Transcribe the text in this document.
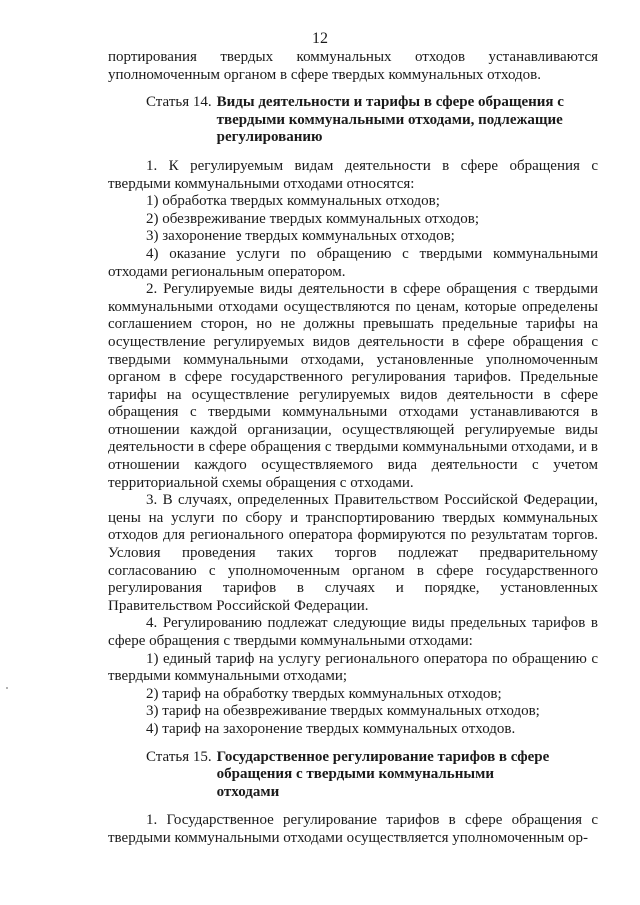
12

портирования твердых коммунальных отходов устанавливаются уполномоченным органом в сфере твердых коммунальных отходов.

Статья 14. Виды деятельности и тарифы в сфере обращения с твердыми коммунальными отходами, подлежащие регулированию

1. К регулируемым видам деятельности в сфере обращения с твердыми коммунальными отходами относятся:

1) обработка твердых коммунальных отходов;

2) обезвреживание твердых коммунальных отходов;

3) захоронение твердых коммунальных отходов;

4) оказание услуги по обращению с твердыми коммунальными отходами региональным оператором.

2. Регулируемые виды деятельности в сфере обращения с твердыми коммунальными отходами осуществляются по ценам, которые определены соглашением сторон, но не должны превышать предельные тарифы на осуществление регулируемых видов деятельности в сфере обращения с твердыми коммунальными отходами, установленные уполномоченным органом в сфере государственного регулирования тарифов. Предельные тарифы на осуществление регулируемых видов деятельности в сфере обращения с твердыми коммунальными отходами устанавливаются в отношении каждой организации, осуществляющей регулируемые виды деятельности в сфере обращения с твердыми коммунальными отходами, и в отношении каждого осуществляемого вида деятельности с учетом территориальной схемы обращения с отходами.

3. В случаях, определенных Правительством Российской Федерации, цены на услуги по сбору и транспортированию твердых коммунальных отходов для регионального оператора формируются по результатам торгов. Условия проведения таких торгов подлежат предварительному согласованию с уполномоченным органом в сфере государственного регулирования тарифов в случаях и порядке, установленных Правительством Российской Федерации.

4. Регулированию подлежат следующие виды предельных тарифов в сфере обращения с твердыми коммунальными отходами:

1) единый тариф на услугу регионального оператора по обращению с твердыми коммунальными отходами;

2) тариф на обработку твердых коммунальных отходов;

3) тариф на обезвреживание твердых коммунальных отходов;

4) тариф на захоронение твердых коммунальных отходов.

Статья 15. Государственное регулирование тарифов в сфере обращения с твердыми коммунальными отходами

1. Государственное регулирование тарифов в сфере обращения с твердыми коммунальными отходами осуществляется уполномоченным ор-
